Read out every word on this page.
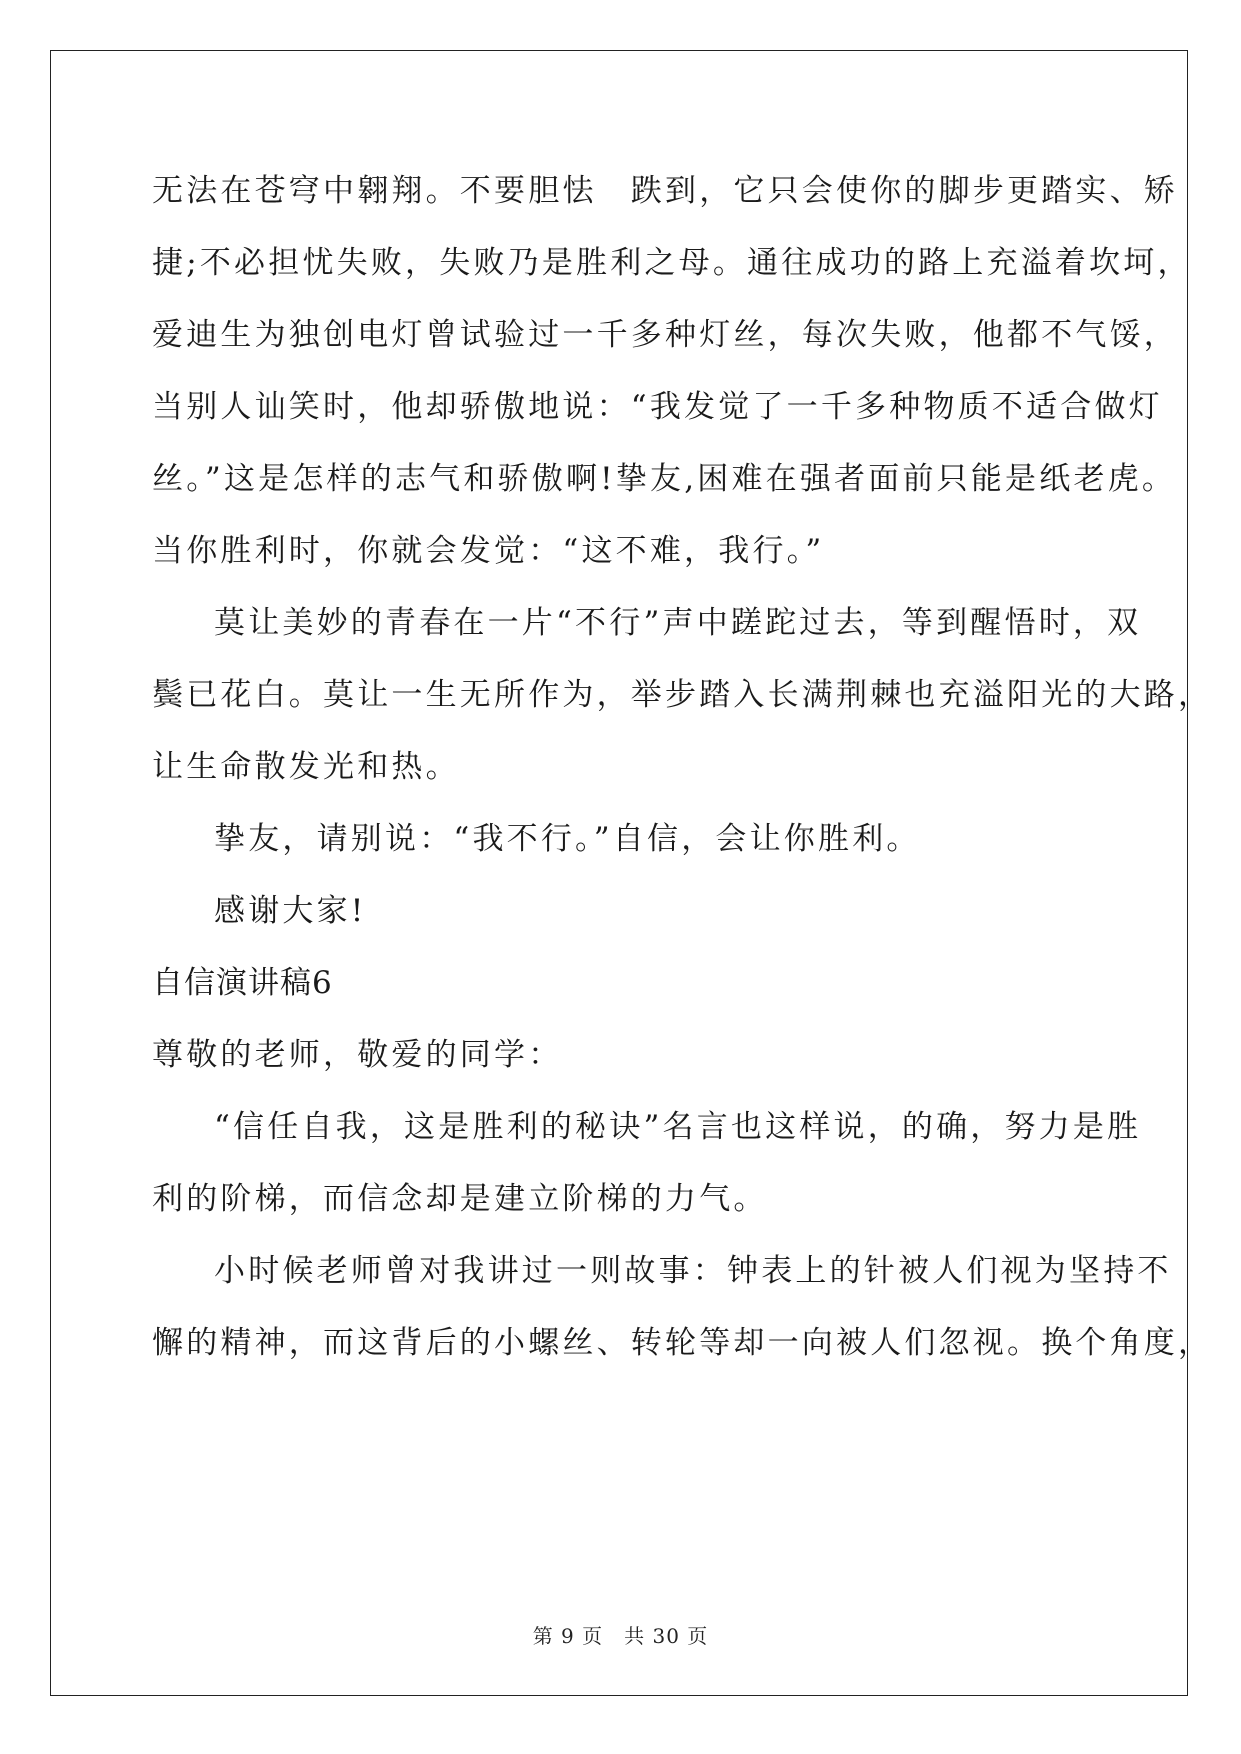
无法在苍穹中翱翔。不要胆怯　跌到，它只会使你的脚步更踏实、矫
捷;不必担忧失败，失败乃是胜利之母。通往成功的路上充溢着坎坷，
爱迪生为独创电灯曾试验过一千多种灯丝，每次失败，他都不气馁，
当别人讪笑时，他却骄傲地说：“我发觉了一千多种物质不适合做灯
丝。”这是怎样的志气和骄傲啊!挚友,困难在强者面前只能是纸老虎。
当你胜利时，你就会发觉：“这不难，我行。”
莫让美妙的青春在一片“不行”声中蹉跎过去，等到醒悟时，双
鬓已花白。莫让一生无所作为，举步踏入长满荆棘也充溢阳光的大路，
让生命散发光和热。
挚友，请别说：“我不行。”自信，会让你胜利。
感谢大家!
自信演讲稿6
尊敬的老师，敬爱的同学：
“信任自我，这是胜利的秘诀”名言也这样说，的确，努力是胜
利的阶梯，而信念却是建立阶梯的力气。
小时候老师曾对我讲过一则故事：钟表上的针被人们视为坚持不
懈的精神，而这背后的小螺丝、转轮等却一向被人们忽视。换个角度，
第 9 页　共 30 页
